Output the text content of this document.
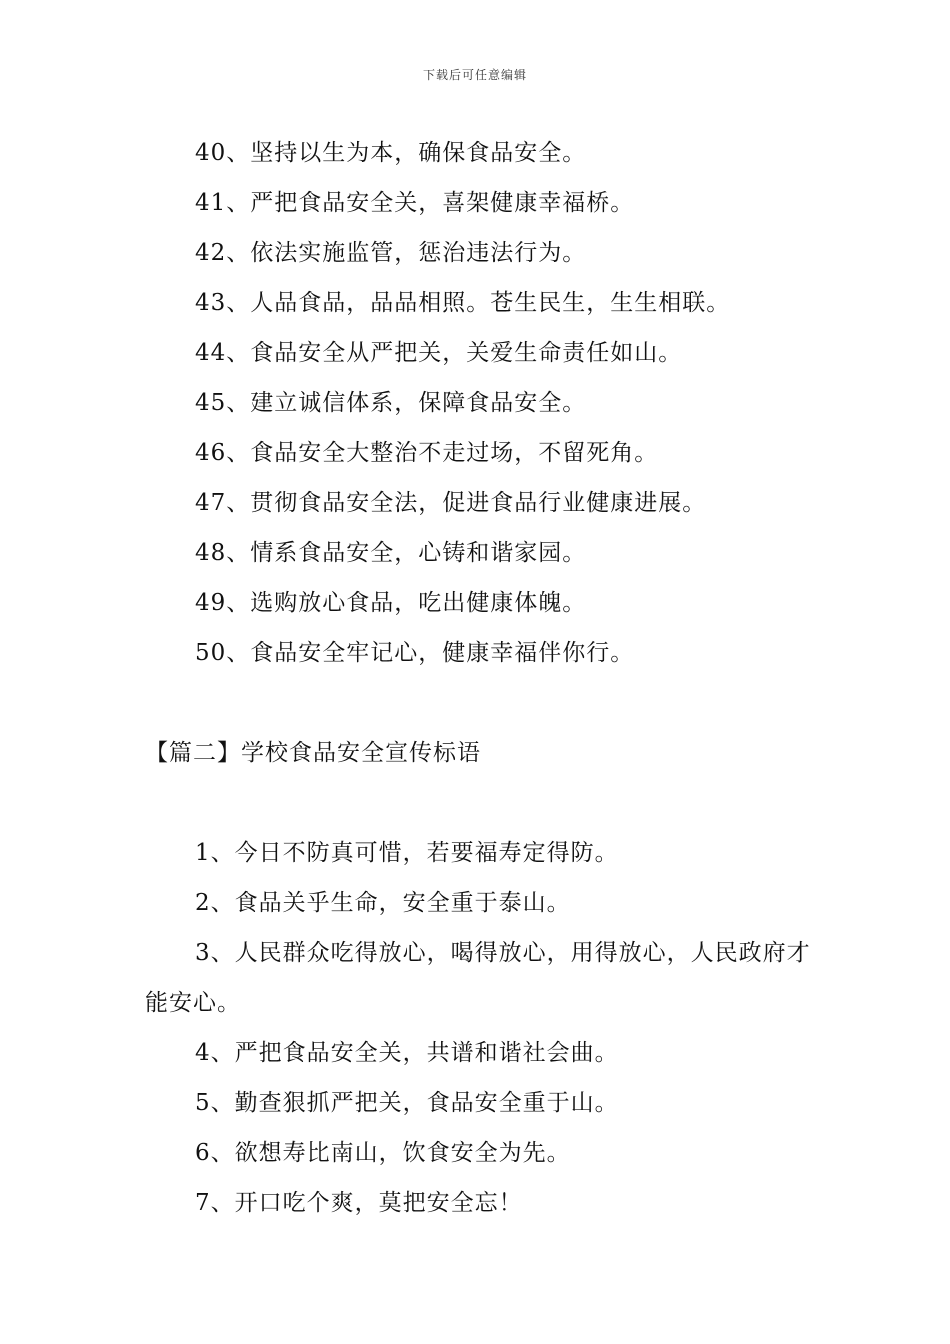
下载后可任意编辑
40、坚持以生为本，确保食品安全。
41、严把食品安全关，喜架健康幸福桥。
42、依法实施监管，惩治违法行为。
43、人品食品，品品相照。苍生民生，生生相联。
44、食品安全从严把关，关爱生命责任如山。
45、建立诚信体系，保障食品安全。
46、食品安全大整治不走过场，不留死角。
47、贯彻食品安全法，促进食品行业健康进展。
48、情系食品安全，心铸和谐家园。
49、选购放心食品，吃出健康体魄。
50、食品安全牢记心，健康幸福伴你行。
【篇二】学校食品安全宣传标语
1、今日不防真可惜，若要福寿定得防。
2、食品关乎生命，安全重于泰山。
3、人民群众吃得放心，喝得放心，用得放心，人民政府才能安心。
4、严把食品安全关，共谱和谐社会曲。
5、勤查狠抓严把关，食品安全重于山。
6、欲想寿比南山，饮食安全为先。
7、开口吃个爽，莫把安全忘！
